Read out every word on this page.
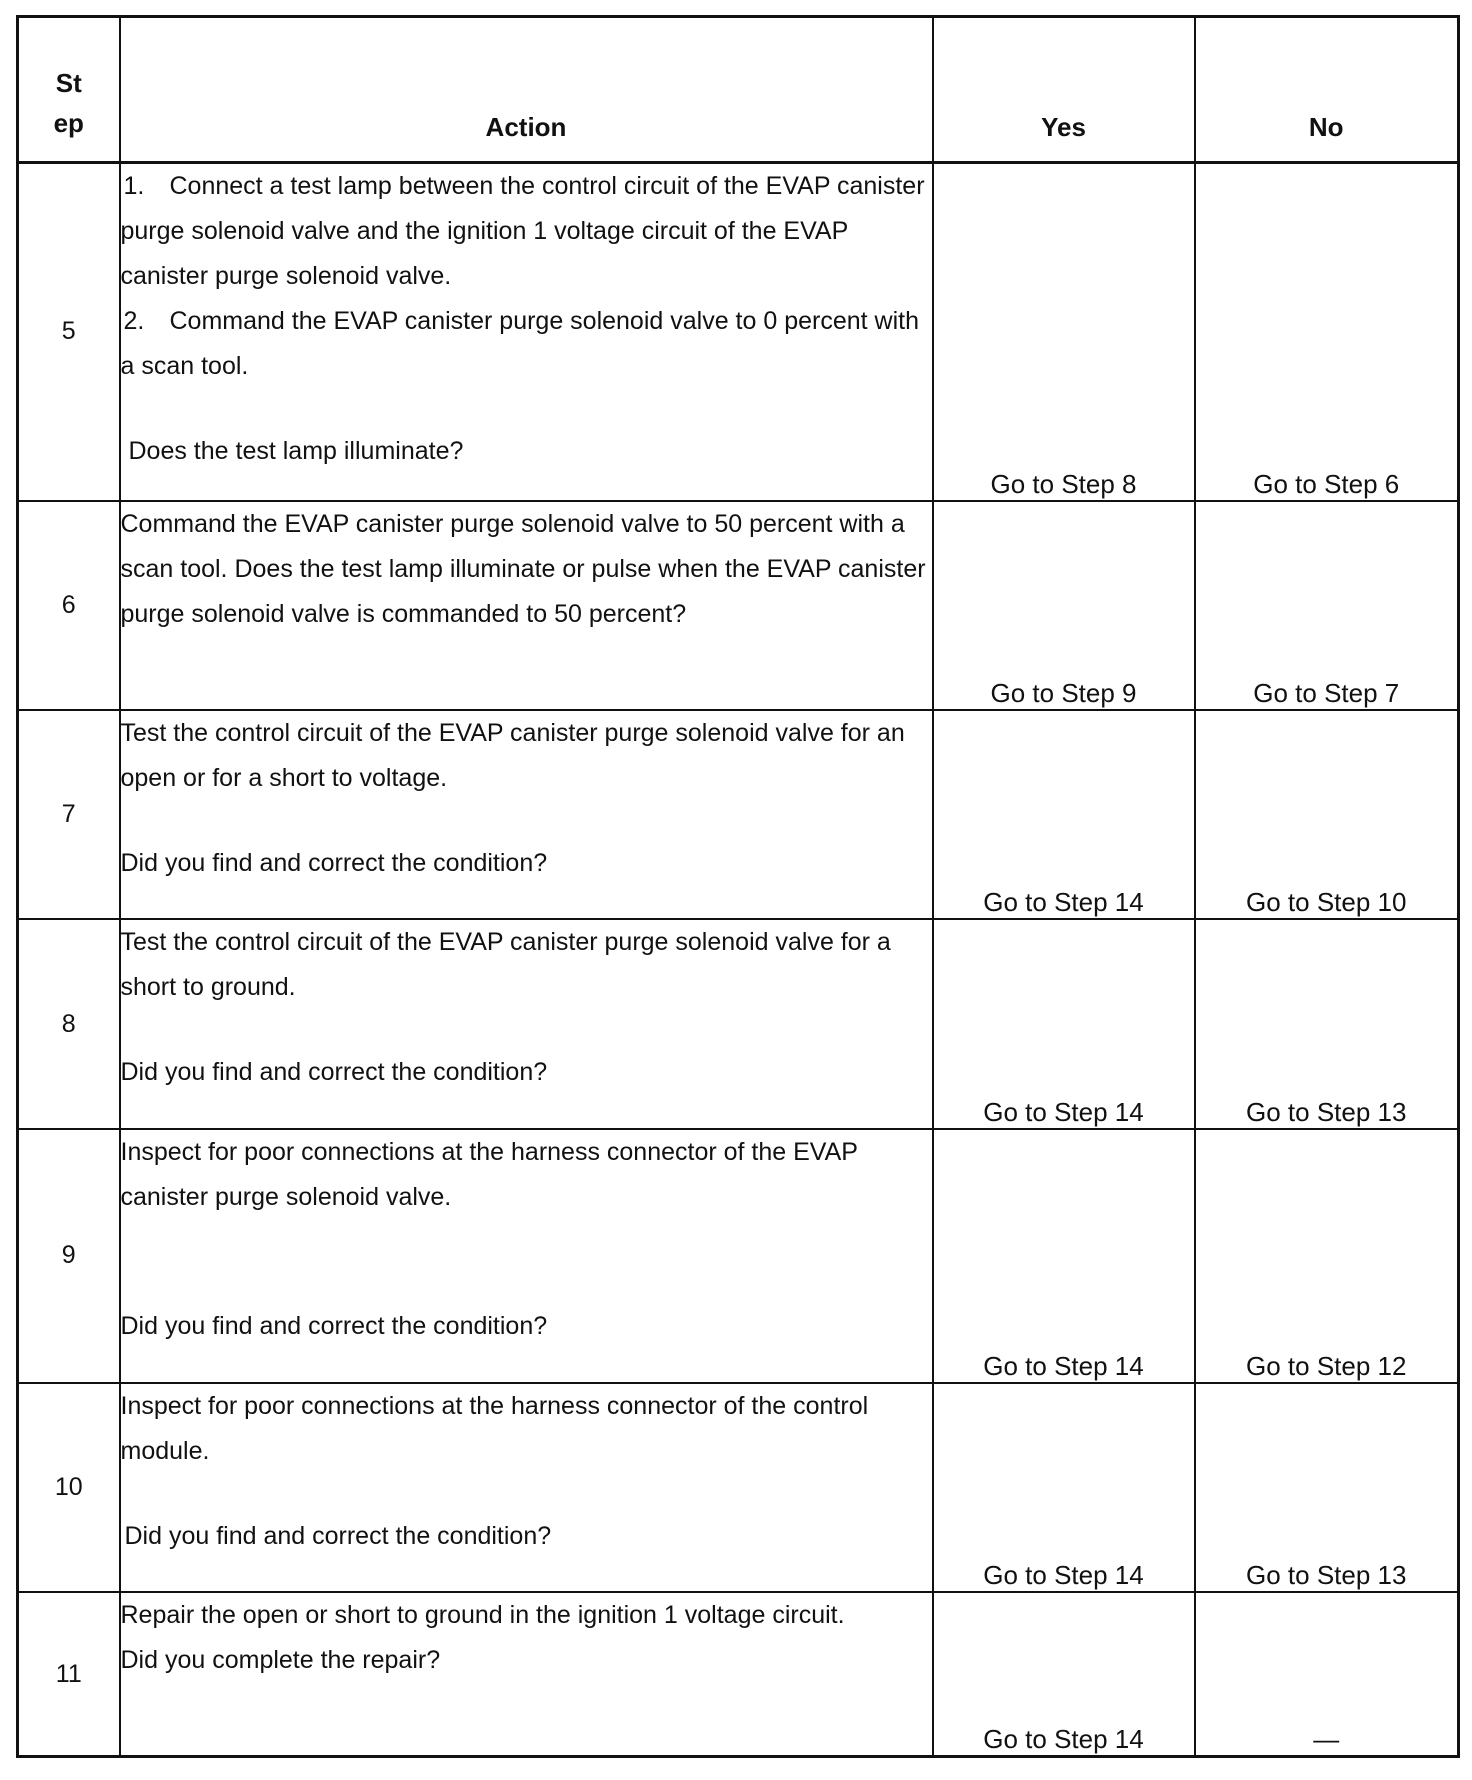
St
ep	Action	Yes	No
5	1. Connect a test lamp between the control circuit of the EVAP canister purge solenoid valve and the ignition 1 voltage circuit of the EVAP canister purge solenoid valve.
2. Command the EVAP canister purge solenoid valve to 0 percent with a scan tool.
Does the test lamp illuminate?	Go to Step 8	Go to Step 6
6	Command the EVAP canister purge solenoid valve to 50 percent with a scan tool. Does the test lamp illuminate or pulse when the EVAP canister purge solenoid valve is commanded to 50 percent?	Go to Step 9	Go to Step 7
7	Test the control circuit of the EVAP canister purge solenoid valve for an open or for a short to voltage.
Did you find and correct the condition?	Go to Step 14	Go to Step 10
8	Test the control circuit of the EVAP canister purge solenoid valve for a short to ground.
Did you find and correct the condition?	Go to Step 14	Go to Step 13
9	Inspect for poor connections at the harness connector of the EVAP canister purge solenoid valve.
Did you find and correct the condition?	Go to Step 14	Go to Step 12
10	Inspect for poor connections at the harness connector of the control module.
Did you find and correct the condition?	Go to Step 14	Go to Step 13
11	Repair the open or short to ground in the ignition 1 voltage circuit.
Did you complete the repair?	Go to Step 14	—
